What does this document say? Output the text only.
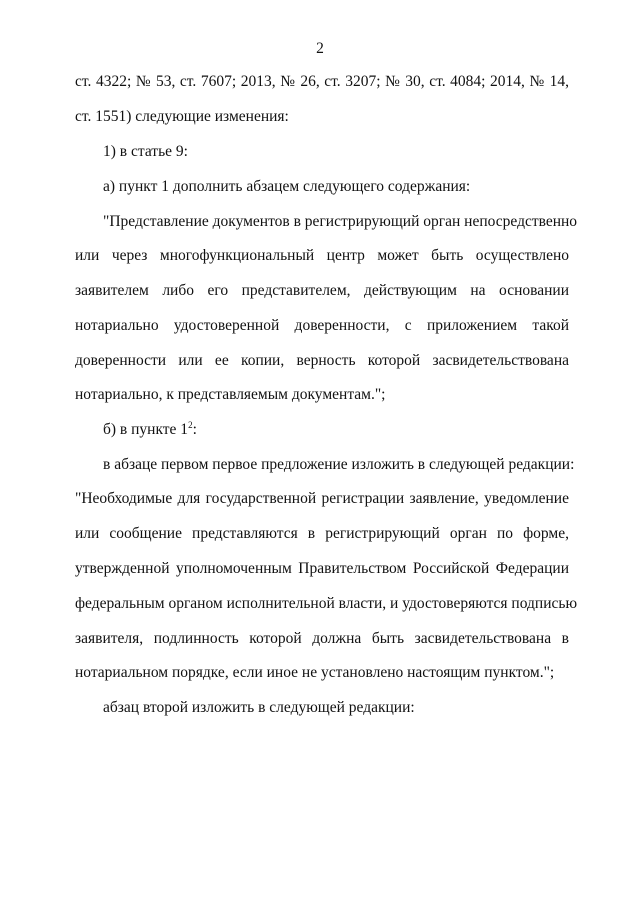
2
ст. 4322; № 53, ст. 7607; 2013, № 26, ст. 3207; № 30, ст. 4084; 2014, № 14,
ст. 1551) следующие изменения:
1) в статье 9:
а) пункт 1 дополнить абзацем следующего содержания:
"Представление документов в регистрирующий орган непосредственно
или через многофункциональный центр может быть осуществлено
заявителем либо его представителем, действующим на основании
нотариально удостоверенной доверенности, с приложением такой
доверенности или ее копии, верность которой засвидетельствована
нотариально, к представляемым документам.";
б) в пункте $1^2$:
в абзаце первом первое предложение изложить в следующей редакции:
"Необходимые для государственной регистрации заявление, уведомление
или сообщение представляются в регистрирующий орган по форме,
утвержденной уполномоченным Правительством Российской Федерации
федеральным органом исполнительной власти, и удостоверяются подписью
заявителя, подлинность которой должна быть засвидетельствована в
нотариальном порядке, если иное не установлено настоящим пунктом.";
абзац второй изложить в следующей редакции:
